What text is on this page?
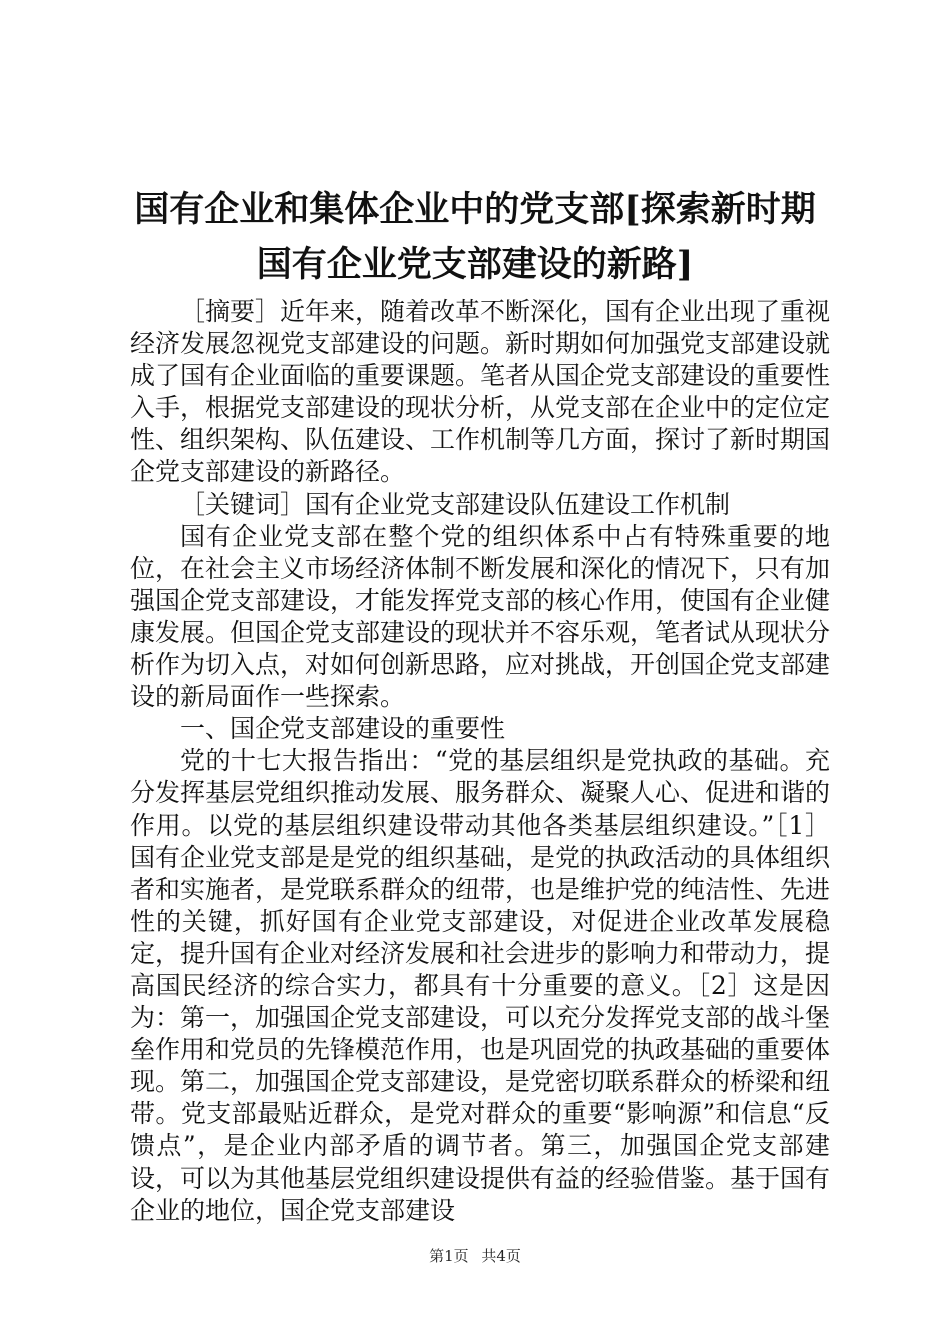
国有企业和集体企业中的党支部[探索新时期
国有企业党支部建设的新路]

［摘要］近年来，随着改革不断深化，国有企业出现了重视经济发展忽视党支部建设的问题。新时期如何加强党支部建设就成了国有企业面临的重要课题。笔者从国企党支部建设的重要性入手，根据党支部建设的现状分析，从党支部在企业中的定位定性、组织架构、队伍建设、工作机制等几方面，探讨了新时期国企党支部建设的新路径。

［关键词］国有企业党支部建设队伍建设工作机制

国有企业党支部在整个党的组织体系中占有特殊重要的地位，在社会主义市场经济体制不断发展和深化的情况下，只有加强国企党支部建设，才能发挥党支部的核心作用，使国有企业健康发展。但国企党支部建设的现状并不容乐观，笔者试从现状分析作为切入点，对如何创新思路，应对挑战，开创国企党支部建设的新局面作一些探索。

一、国企党支部建设的重要性

党的十七大报告指出：“党的基层组织是党执政的基础。充分发挥基层党组织推动发展、服务群众、凝聚人心、促进和谐的作用。以党的基层组织建设带动其他各类基层组织建设。”［1］国有企业党支部是是党的组织基础，是党的执政活动的具体组织者和实施者，是党联系群众的纽带，也是维护党的纯洁性、先进性的关键，抓好国有企业党支部建设，对促进企业改革发展稳定，提升国有企业对经济发展和社会进步的影响力和带动力，提高国民经济的综合实力，都具有十分重要的意义。［2］这是因为：第一，加强国企党支部建设，可以充分发挥党支部的战斗堡垒作用和党员的先锋模范作用，也是巩固党的执政基础的重要体现。第二，加强国企党支部建设，是党密切联系群众的桥梁和纽带。党支部最贴近群众，是党对群众的重要“影响源”和信息“反馈点”，是企业内部矛盾的调节者。第三，加强国企党支部建设，可以为其他基层党组织建设提供有益的经验借鉴。基于国有企业的地位，国企党支部建设

第1页 共4页
